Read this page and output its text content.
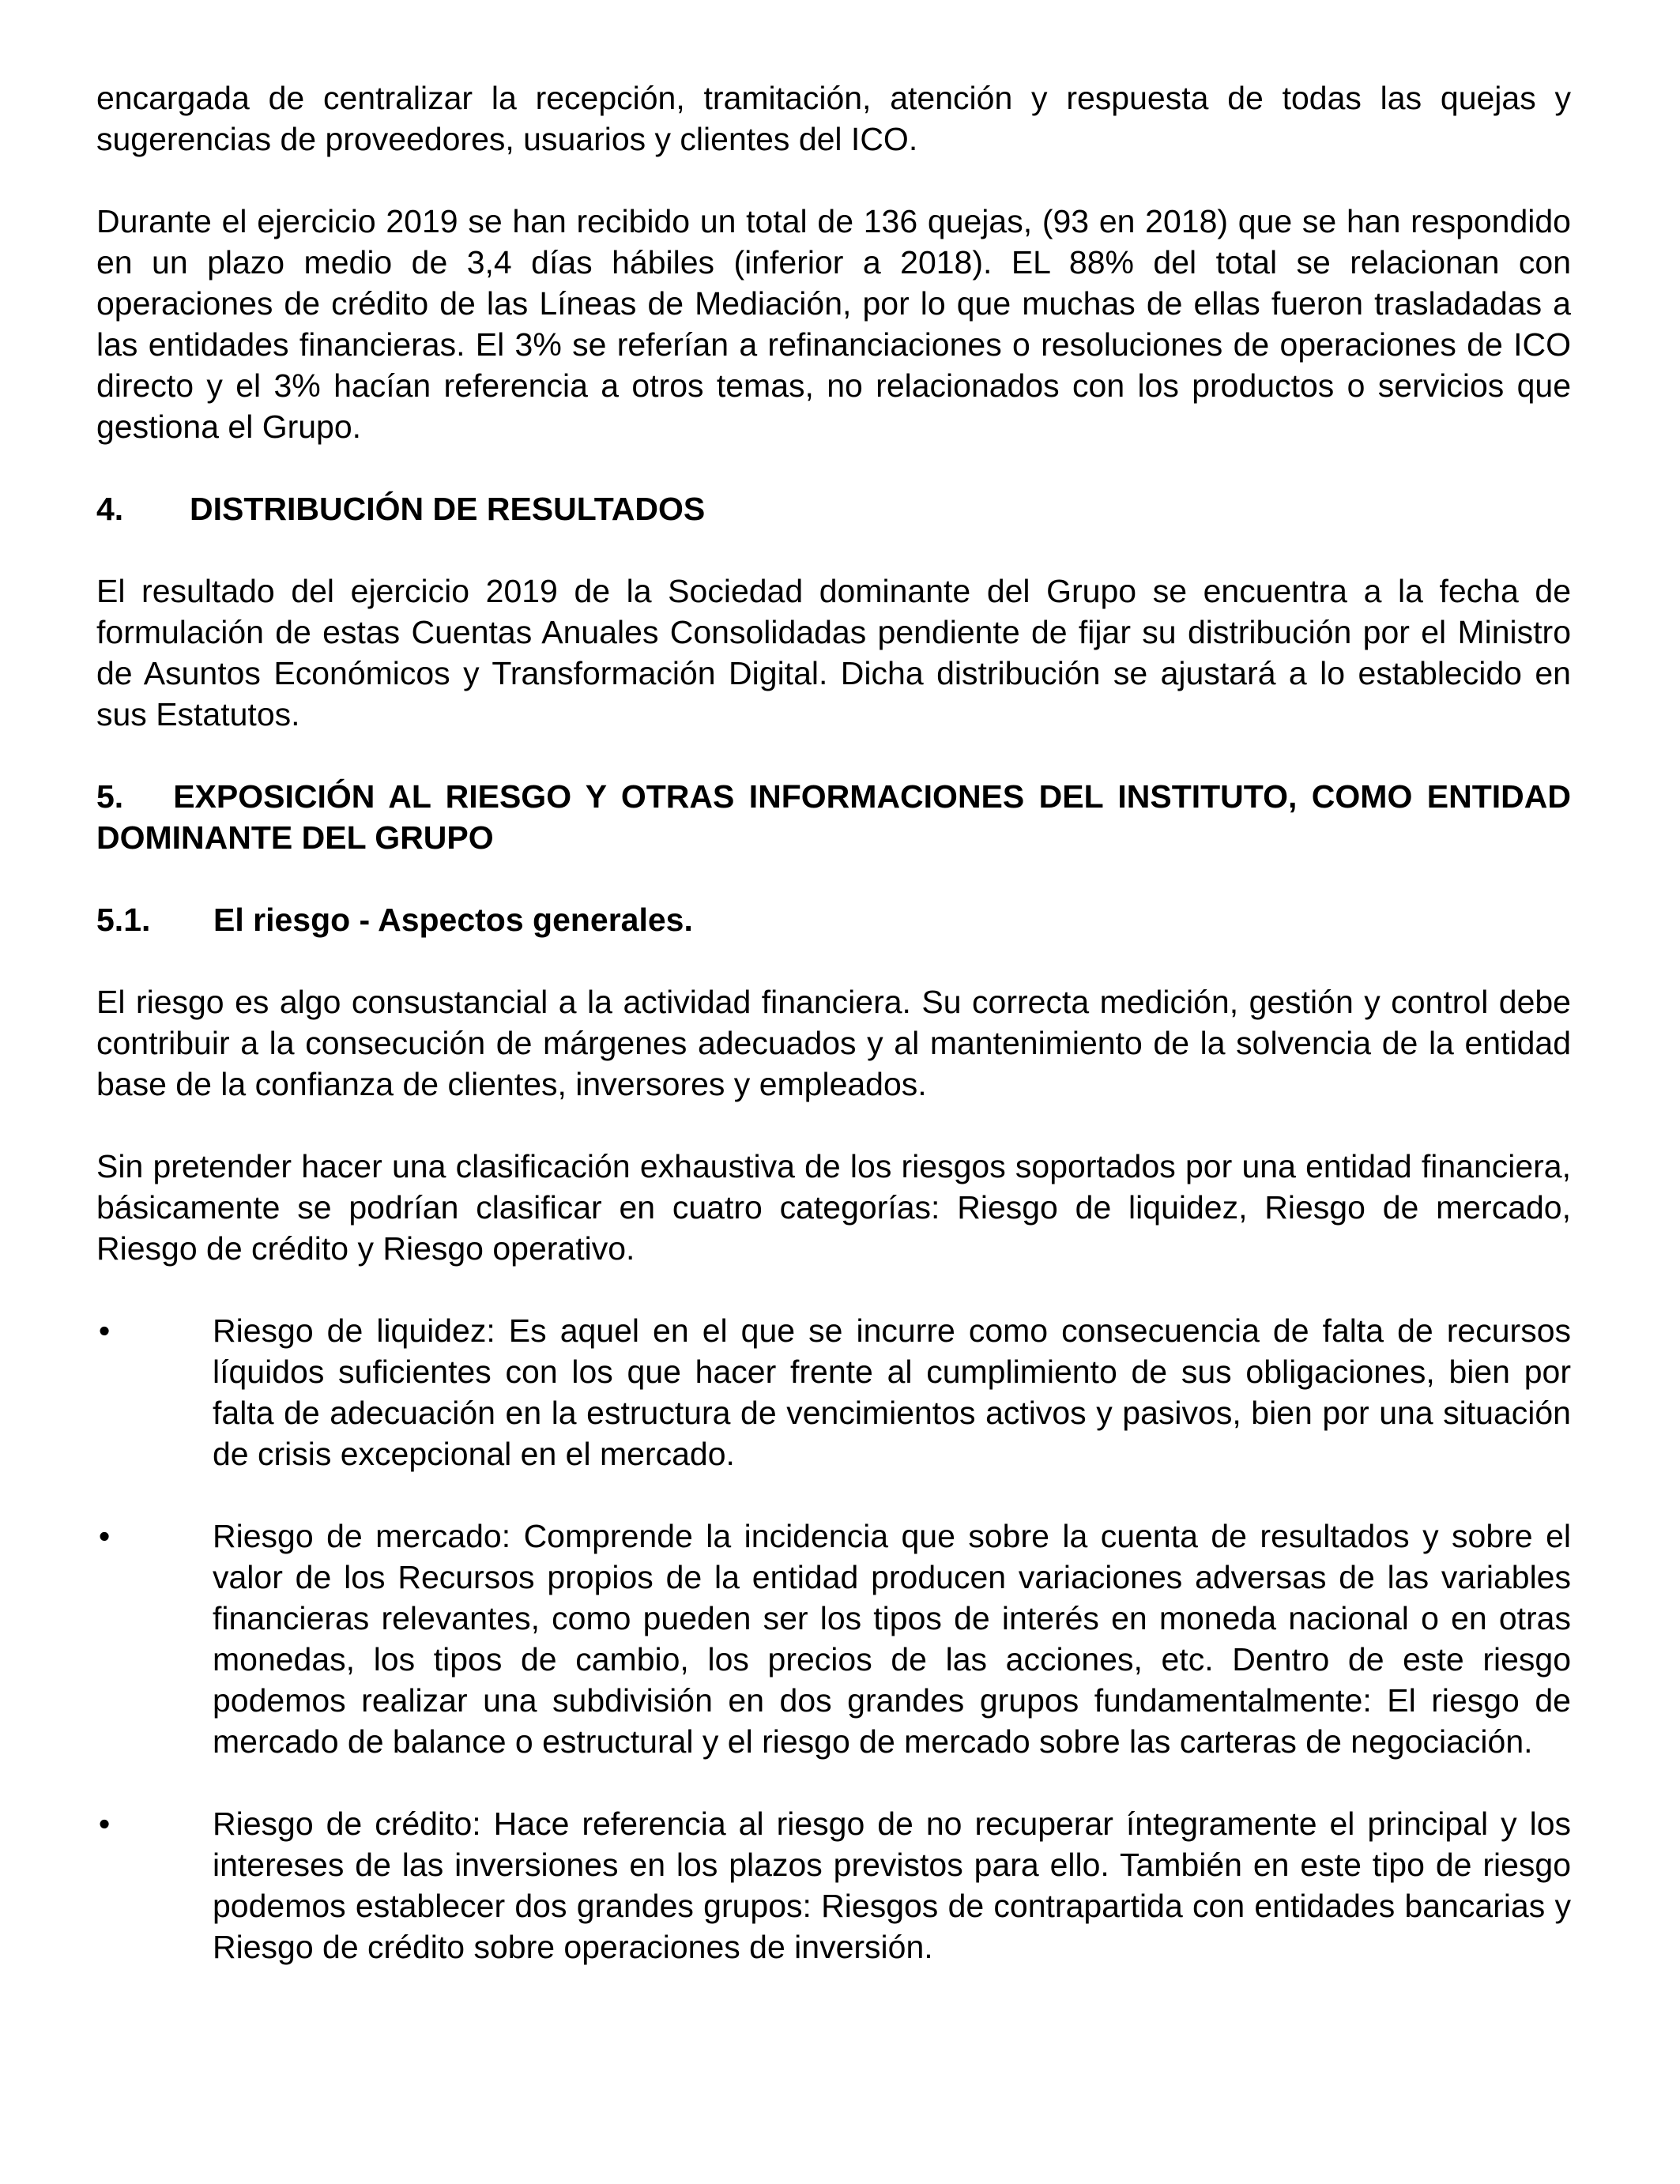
encargada de centralizar la recepción, tramitación, atención y respuesta de todas las quejas y sugerencias de proveedores, usuarios y clientes del ICO.

Durante el ejercicio 2019 se han recibido un total de 136 quejas, (93 en 2018) que se han respondido en un plazo medio de 3,4 días hábiles (inferior a 2018). EL 88% del total se relacionan con operaciones de crédito de las Líneas de Mediación, por lo que muchas de ellas fueron trasladadas a las entidades financieras. El 3% se referían a refinanciaciones o resoluciones de operaciones de ICO directo y el 3% hacían referencia a otros temas, no relacionados con los productos o servicios que gestiona el Grupo.

4.	DISTRIBUCIÓN DE RESULTADOS

El resultado del ejercicio 2019 de la Sociedad dominante del Grupo se encuentra a la fecha de formulación de estas Cuentas Anuales Consolidadas pendiente de fijar su distribución por el Ministro de Asuntos Económicos y Transformación Digital. Dicha distribución se ajustará a lo establecido en sus Estatutos.

5. EXPOSICIÓN AL RIESGO Y OTRAS INFORMACIONES DEL INSTITUTO, COMO ENTIDAD DOMINANTE DEL GRUPO
5.1.	El riesgo - Aspectos generales.

El riesgo es algo consustancial a la actividad financiera. Su correcta medición, gestión y control debe contribuir a la consecución de márgenes adecuados y al mantenimiento de la solvencia de la entidad base de la confianza de clientes, inversores y empleados.

Sin pretender hacer una clasificación exhaustiva de los riesgos soportados por una entidad financiera, básicamente se podrían clasificar en cuatro categorías: Riesgo de liquidez, Riesgo de mercado, Riesgo de crédito y Riesgo operativo.

•	Riesgo de liquidez: Es aquel en el que se incurre como consecuencia de falta de recursos líquidos suficientes con los que hacer frente al cumplimiento de sus obligaciones, bien por falta de adecuación en la estructura de vencimientos activos y pasivos, bien por una situación de crisis excepcional en el mercado.

•	Riesgo de mercado: Comprende la incidencia que sobre la cuenta de resultados y sobre el valor de los Recursos propios de la entidad producen variaciones adversas de las variables financieras relevantes, como pueden ser los tipos de interés en moneda nacional o en otras monedas, los tipos de cambio, los precios de las acciones, etc. Dentro de este riesgo podemos realizar una subdivisión en dos grandes grupos fundamentalmente: El riesgo de mercado de balance o estructural y el riesgo de mercado sobre las carteras de negociación.

•	Riesgo de crédito: Hace referencia al riesgo de no recuperar íntegramente el principal y los intereses de las inversiones en los plazos previstos para ello. También en este tipo de riesgo podemos establecer dos grandes grupos: Riesgos de contrapartida con entidades bancarias y Riesgo de crédito sobre operaciones de inversión.
